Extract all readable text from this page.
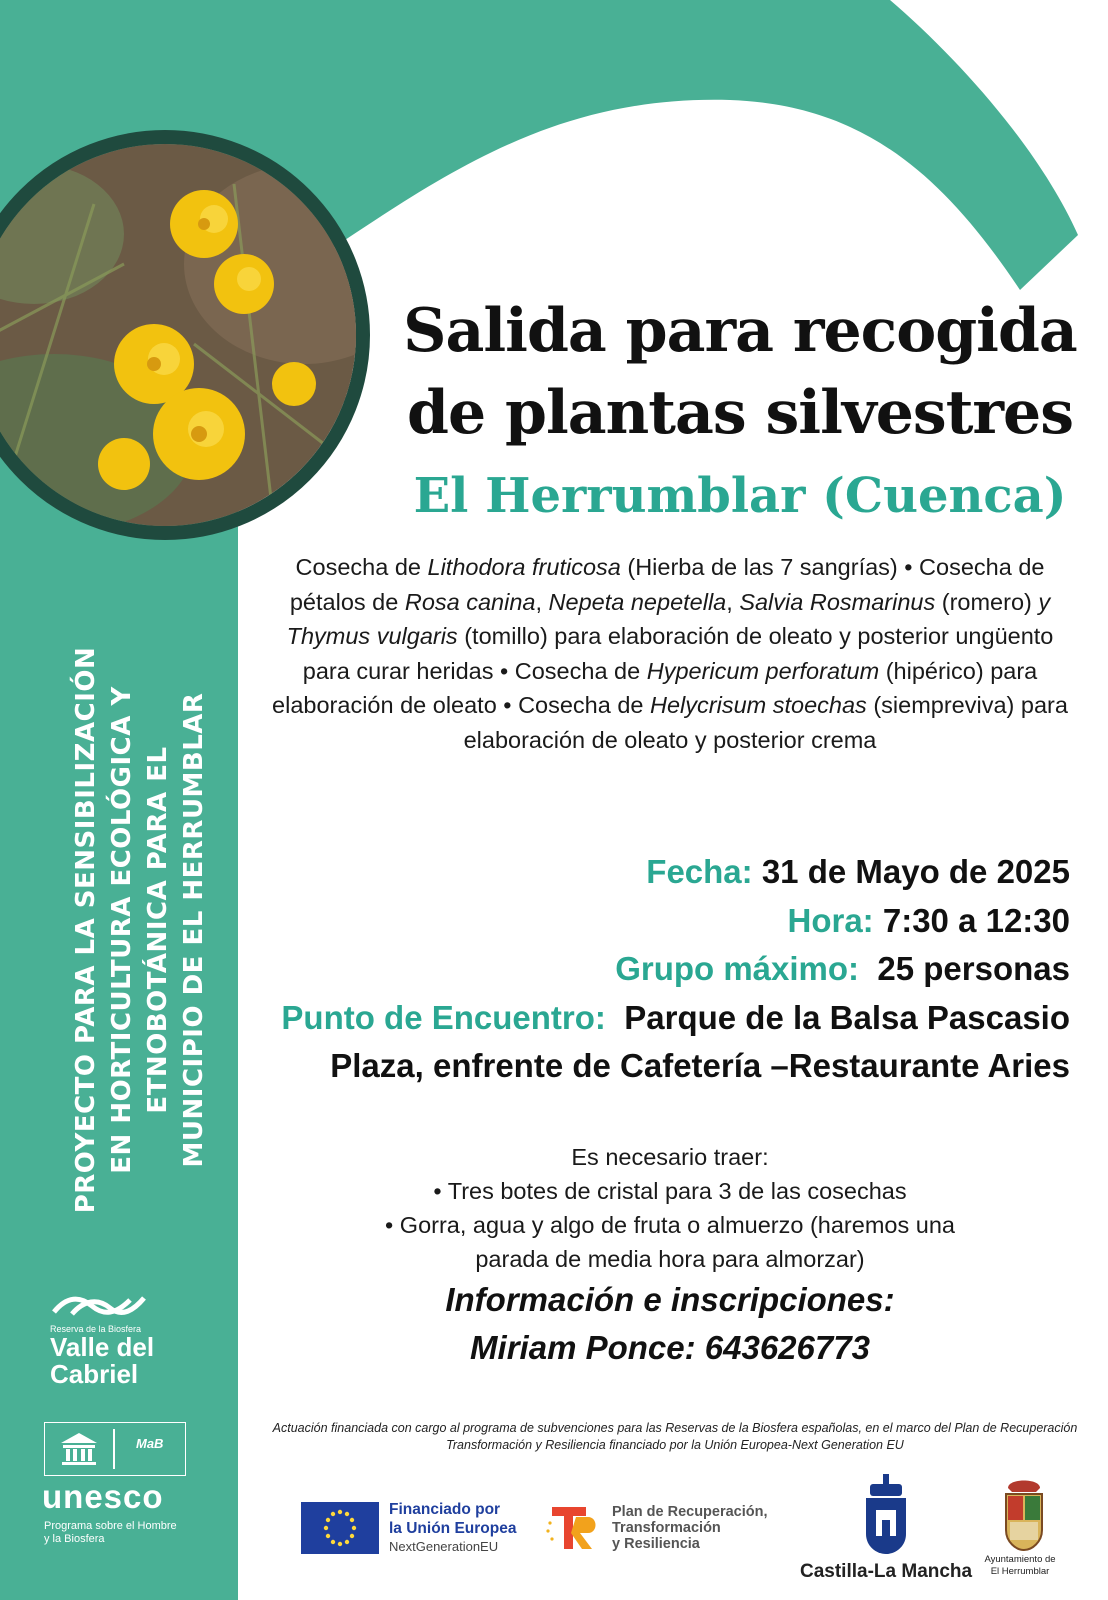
PROYECTO PARA LA SENSIBILIZACIÓN EN HORTICULTURA ECOLÓGICA Y ETNOBOTÁNICA PARA EL MUNICIPIO DE EL HERRUMBLAR
Reserva de la Biosfera
Valle del
Cabriel
MaB
unesco
Programa sobre el Hombre
y la Biosfera
Salida para recogida
de plantas silvestres
El Herrumblar (Cuenca)
Cosecha de Lithodora fruticosa (Hierba de las 7 sangrías) • Cosecha de pétalos de Rosa canina, Nepeta nepetella, Salvia Rosmarinus (romero) y Thymus vulgaris (tomillo) para elaboración de oleato y posterior ungüento para curar heridas • Cosecha de Hypericum perforatum (hipérico) para elaboración de oleato • Cosecha de Helycrisum stoechas (siempreviva) para elaboración de oleato y posterior crema
Fecha: 31 de Mayo de 2025
Hora: 7:30 a 12:30
Grupo máximo: 25 personas
Punto de Encuentro: Parque de la Balsa Pascasio
Plaza, enfrente de Cafetería –Restaurante Aries
Es necesario traer:
• Tres botes de cristal para 3 de las cosechas
• Gorra, agua y algo de fruta o almuerzo (haremos una parada de media hora para almorzar)
Información e inscripciones:
Miriam Ponce: 643626773
Actuación financiada con cargo al programa de subvenciones para las Reservas de la Biosfera españolas, en el marco del Plan de Recuperación Transformación y Resiliencia financiado por la Unión Europea-Next Generation EU
Financiado por
la Unión Europea
NextGenerationEU
Plan de Recuperación,
Transformación
y Resiliencia
Castilla-La Mancha
Ayuntamiento de
El Herrumblar
